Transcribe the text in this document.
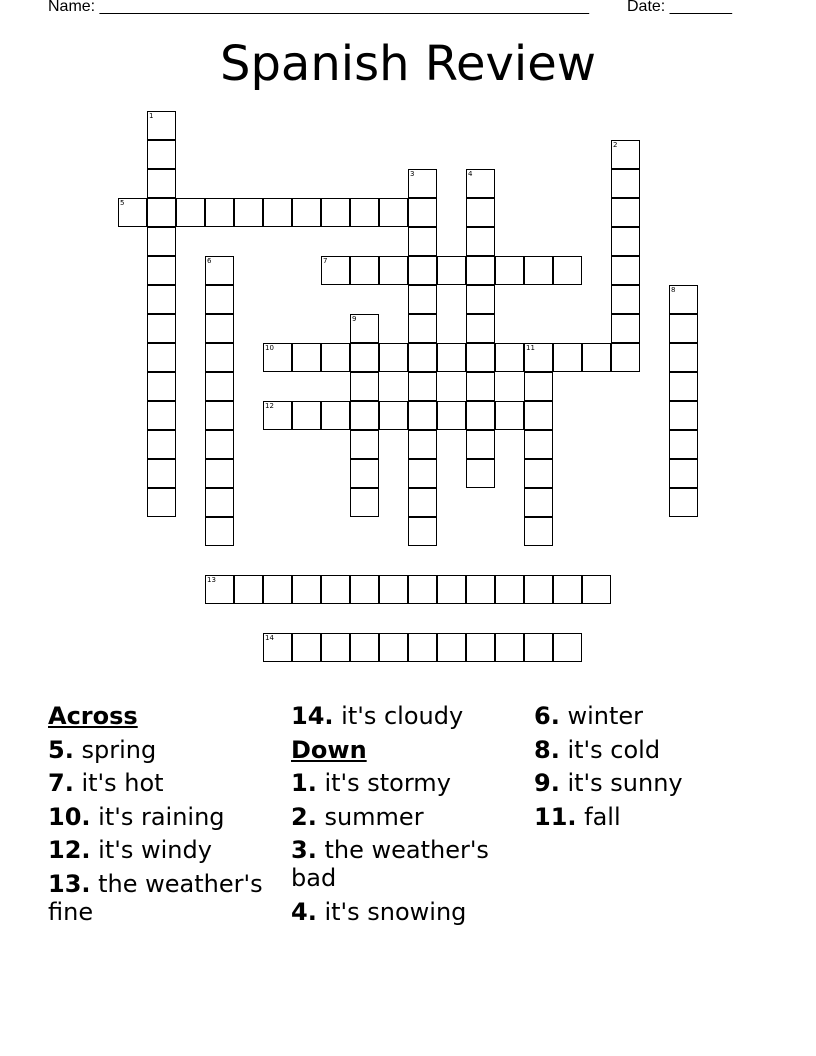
Name: _______________________________________________________ Date: _______
Spanish Review
1
2
3	4
5
6	7
8
9
10	11
12
13
14

Across

5. spring

7. it's hot

10. it's raining

12. it's windy

13. the weather's fine

14. it's cloudy

Down

1. it's stormy

2. summer

3. the weather's bad

4. it's snowing

6. winter

8. it's cold

9. it's sunny

11. fall
